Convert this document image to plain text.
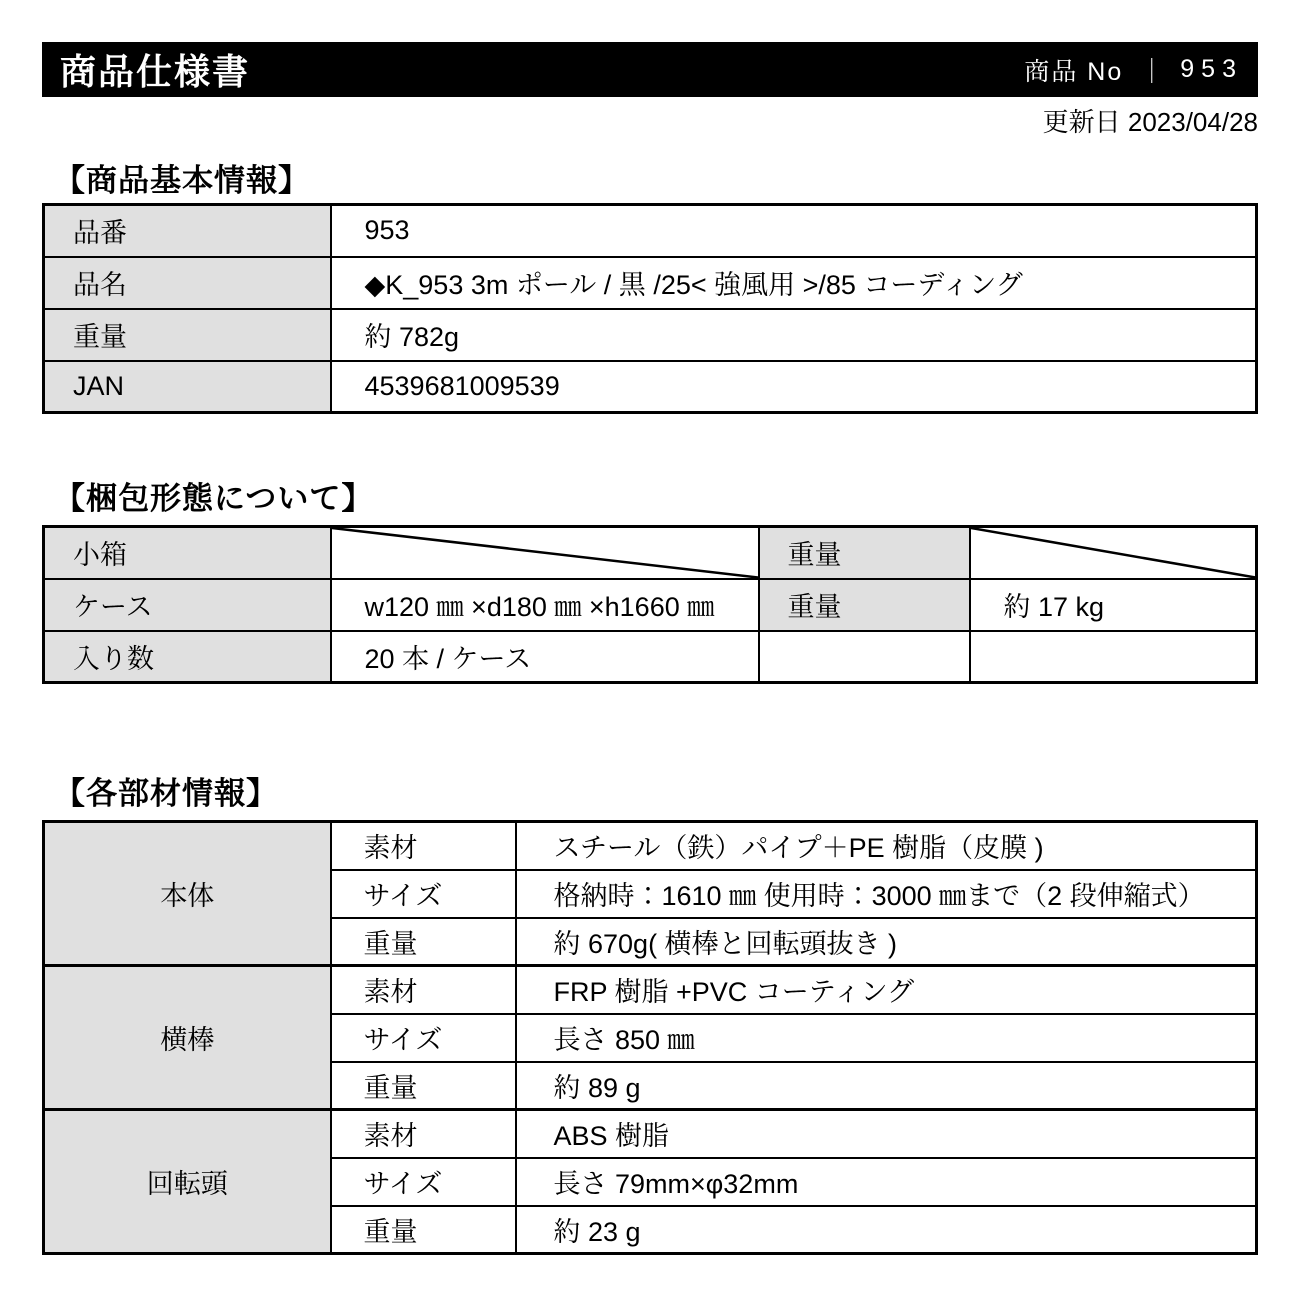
商品仕様書	商品 No ｜ 953
更新日 2023/04/28
【商品基本情報】
品番	953
品名	◆K_953 3m ポール / 黒 /25< 強風用 >/85 コーディング
重量	約 782g
JAN	4539681009539
【梱包形態について】
小箱		重量	

ケース	w120 ㎜ ×d180 ㎜ ×h1660 ㎜	重量	約 17 kg
入り数	20 本 / ケース		
【各部材情報】
本体	素材	スチール（鉄）パイプ＋PE 樹脂（皮膜 )
	サイズ	格納時：1610 ㎜ 使用時：3000 ㎜まで（2 段伸縮式）
	重量	約 670g( 横棒と回転頭抜き )
横棒	素材	FRP 樹脂 +PVC コーティング
	サイズ	長さ 850 ㎜
	重量	約 89 g
回転頭	素材	ABS 樹脂
	サイズ	長さ 79mm×φ32mm
	重量	約 23 g
